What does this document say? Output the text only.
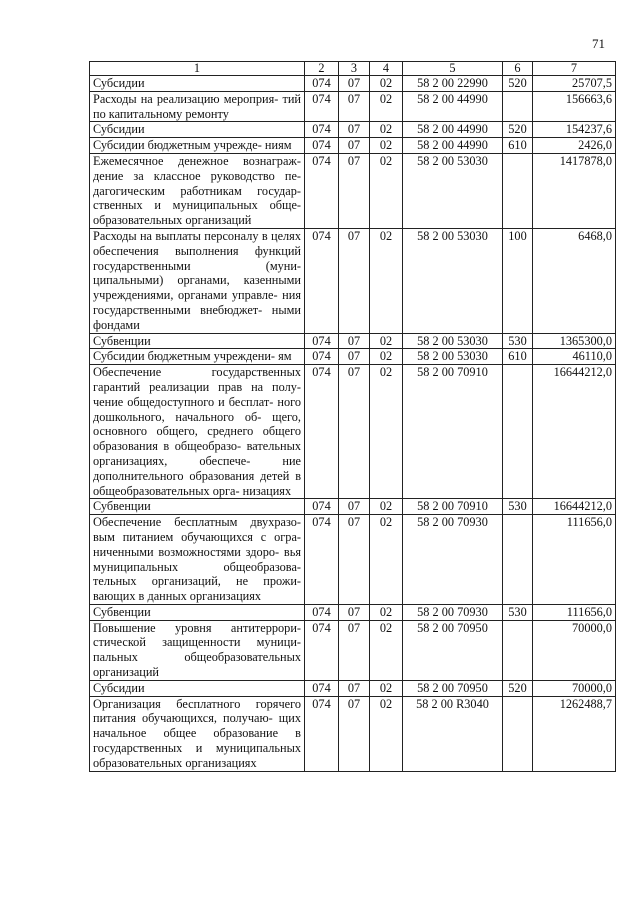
71
1	2	3	4	5	6	7
Субсидии	074	07	02	58 2 00 22990	520	25707,5
Расходы на реализацию мероприя- тий по капитальному ремонту	074	07	02	58 2 00 44990		156663,6
Субсидии	074	07	02	58 2 00 44990	520	154237,6
Субсидии бюджетным учрежде- ниям	074	07	02	58 2 00 44990	610	2426,0
Ежемесячное денежное вознаграж- дение за классное руководство пе- дагогическим работникам государ- ственных и муниципальных обще- образовательных организаций	074	07	02	58 2 00 53030		1417878,0
Расходы на выплаты персоналу в целях обеспечения выполнения функций государственными (муни- ципальными) органами, казенными учреждениями, органами управле- ния государственными внебюджет- ными фондами	074	07	02	58 2 00 53030	100	6468,0
Субвенции	074	07	02	58 2 00 53030	530	1365300,0
Субсидии бюджетным учреждени- ям	074	07	02	58 2 00 53030	610	46110,0
Обеспечение государственных гарантий реализации прав на полу- чение общедоступного и бесплат- ного дошкольного, начального об- щего, основного общего, среднего общего образования в общеобразо- вательных организациях, обеспече- ние дополнительного образования детей в общеобразовательных орга- низациях	074	07	02	58 2 00 70910		16644212,0
Субвенции	074	07	02	58 2 00 70910	530	16644212,0
Обеспечение бесплатным двухразо- вым питанием обучающихся с огра- ниченными возможностями здоро- вья муниципальных общеобразова- тельных организаций, не прожи- вающих в данных организациях	074	07	02	58 2 00 70930		111656,0
Субвенции	074	07	02	58 2 00 70930	530	111656,0
Повышение уровня антитеррори- стической защищенности муници- пальных общеобразовательных организаций	074	07	02	58 2 00 70950		70000,0
Субсидии	074	07	02	58 2 00 70950	520	70000,0
Организация бесплатного горячего питания обучающихся, получаю- щих начальное общее образование в государственных и муниципальных образовательных организациях	074	07	02	58 2 00 R3040		1262488,7
